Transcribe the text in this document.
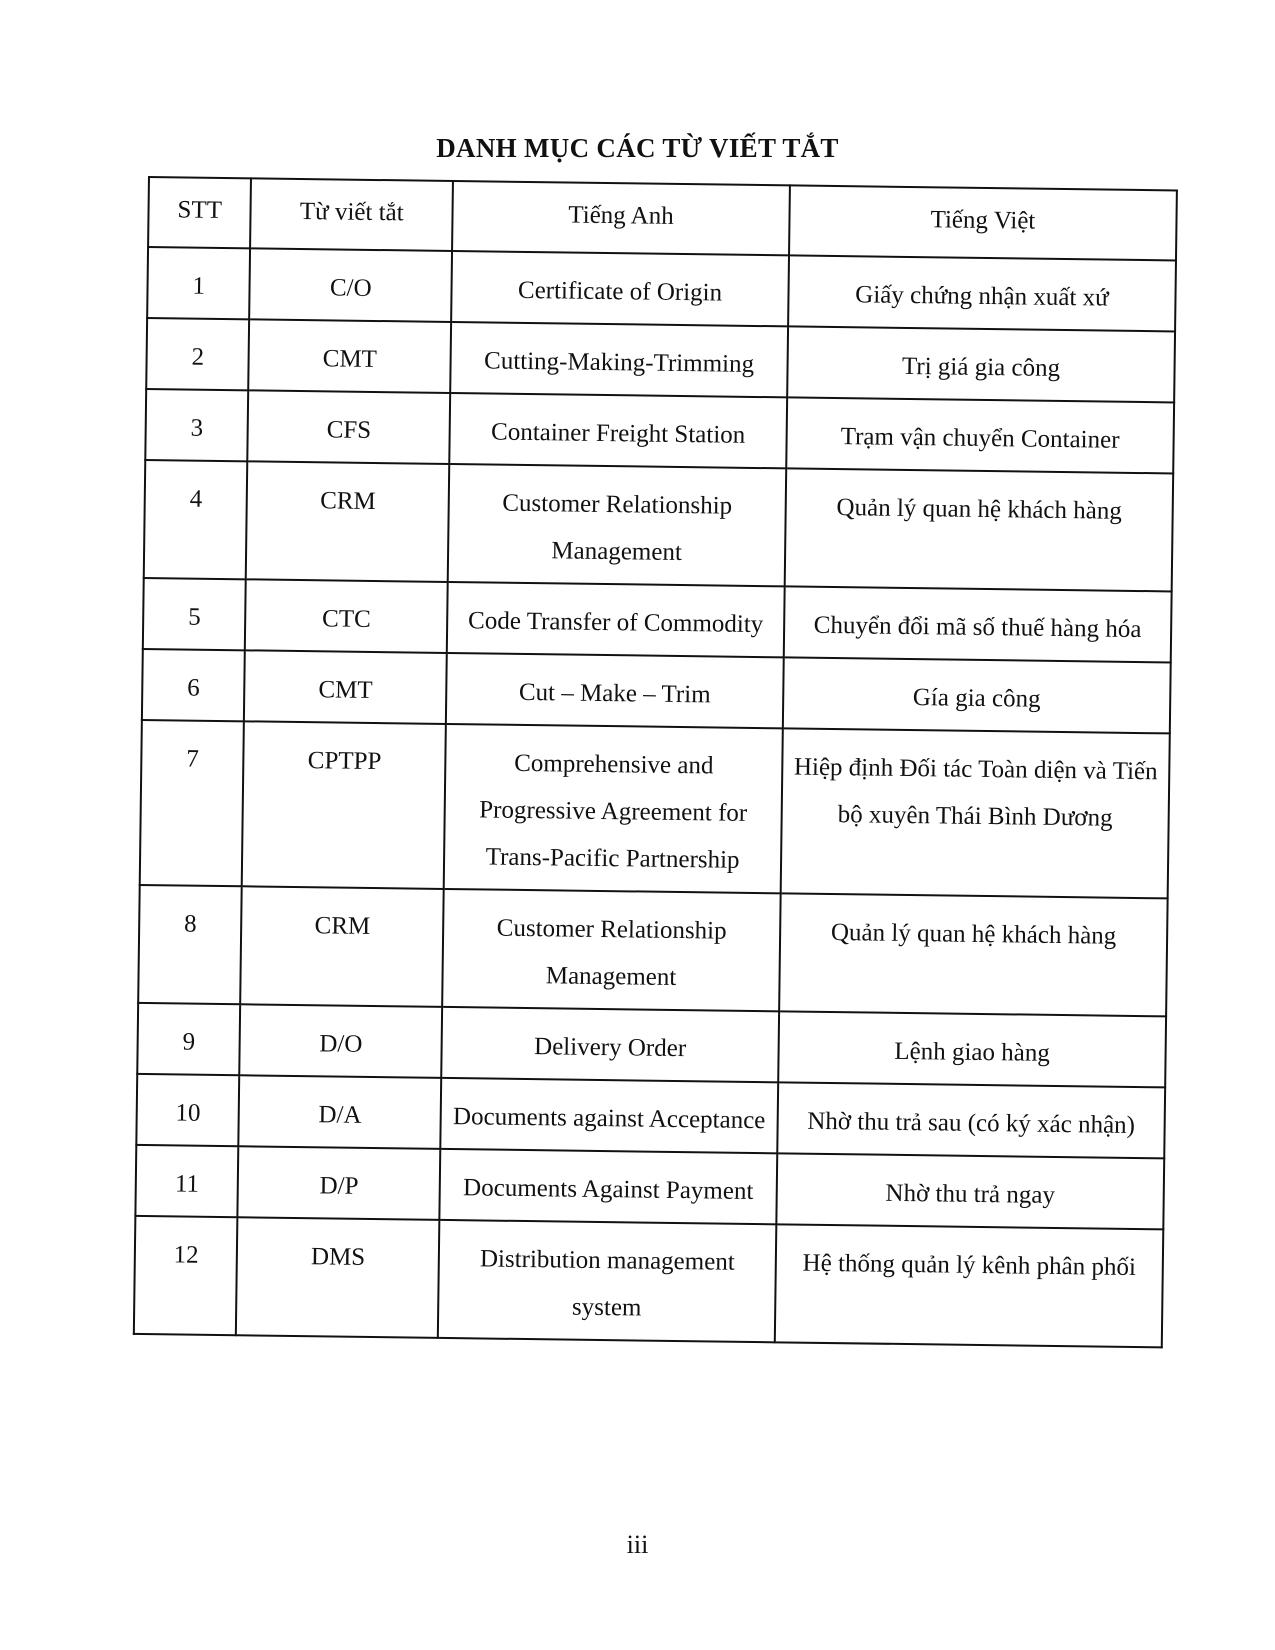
DANH MỤC CÁC TỪ VIẾT TẮT
STT	Từ viết tắt	Tiếng Anh	Tiếng Việt
1	C/O	Certificate of Origin	Giấy chứng nhận xuất xứ
2	CMT	Cutting-Making-Trimming	Trị giá gia công
3	CFS	Container Freight Station	Trạm vận chuyển Container
4	CRM	Customer Relationship Management	Quản lý quan hệ khách hàng
5	CTC	Code Transfer of Commodity	Chuyển đổi mã số thuế hàng hóa
6	CMT	Cut – Make – Trim	Gía gia công
7	CPTPP	Comprehensive and Progressive Agreement for Trans-Pacific Partnership	Hiệp định Đối tác Toàn diện và Tiến bộ xuyên Thái Bình Dương
8	CRM	Customer Relationship Management	Quản lý quan hệ khách hàng
9	D/O	Delivery Order	Lệnh giao hàng
10	D/A	Documents against Acceptance	Nhờ thu trả sau (có ký xác nhận)
11	D/P	Documents Against Payment	Nhờ thu trả ngay
12	DMS	Distribution management system	Hệ thống quản lý kênh phân phối
iii
